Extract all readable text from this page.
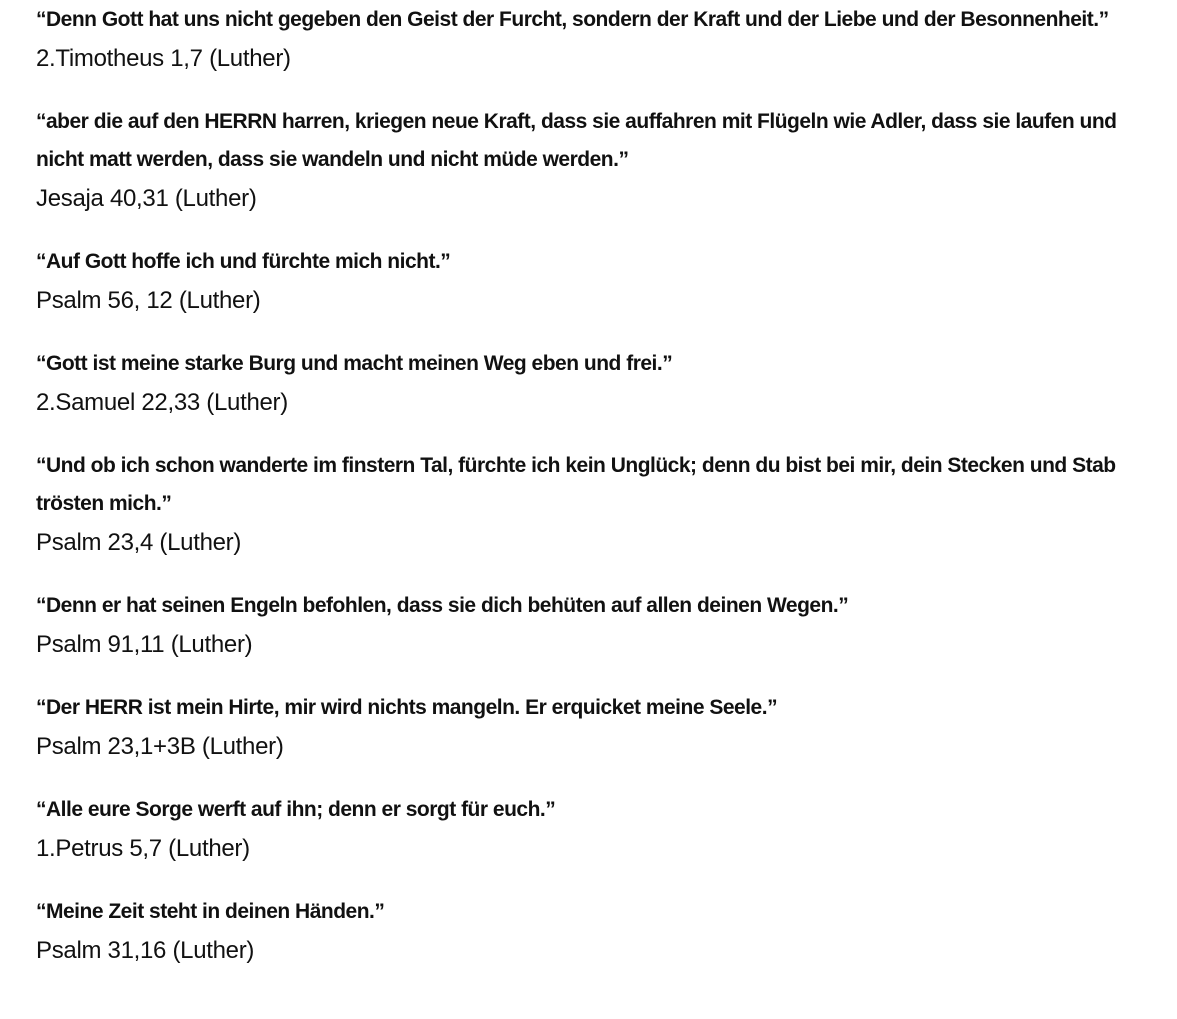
“Denn Gott hat uns nicht gegeben den Geist der Furcht, sondern der Kraft und der Liebe und der Besonnenheit.”

2.Timotheus 1,7 (Luther)

“aber die auf den HERRN harren, kriegen neue Kraft, dass sie auffahren mit Flügeln wie Adler, dass sie laufen und nicht matt werden, dass sie wandeln und nicht müde werden.”

Jesaja 40,31 (Luther)

“Auf Gott hoffe ich und fürchte mich nicht.”

Psalm 56, 12 (Luther)

“Gott ist meine starke Burg und macht meinen Weg eben und frei.”

2.Samuel 22,33 (Luther)

“Und ob ich schon wanderte im finstern Tal, fürchte ich kein Unglück; denn du bist bei mir, dein Stecken und Stab trösten mich.”

Psalm 23,4 (Luther)

“Denn er hat seinen Engeln befohlen, dass sie dich behüten auf allen deinen Wegen.”

Psalm 91,11 (Luther)

“Der HERR ist mein Hirte, mir wird nichts mangeln. Er erquicket meine Seele.”

Psalm 23,1+3B (Luther)

“Alle eure Sorge werft auf ihn; denn er sorgt für euch.”

1.Petrus 5,7 (Luther)

“Meine Zeit steht in deinen Händen.”

Psalm 31,16 (Luther)
